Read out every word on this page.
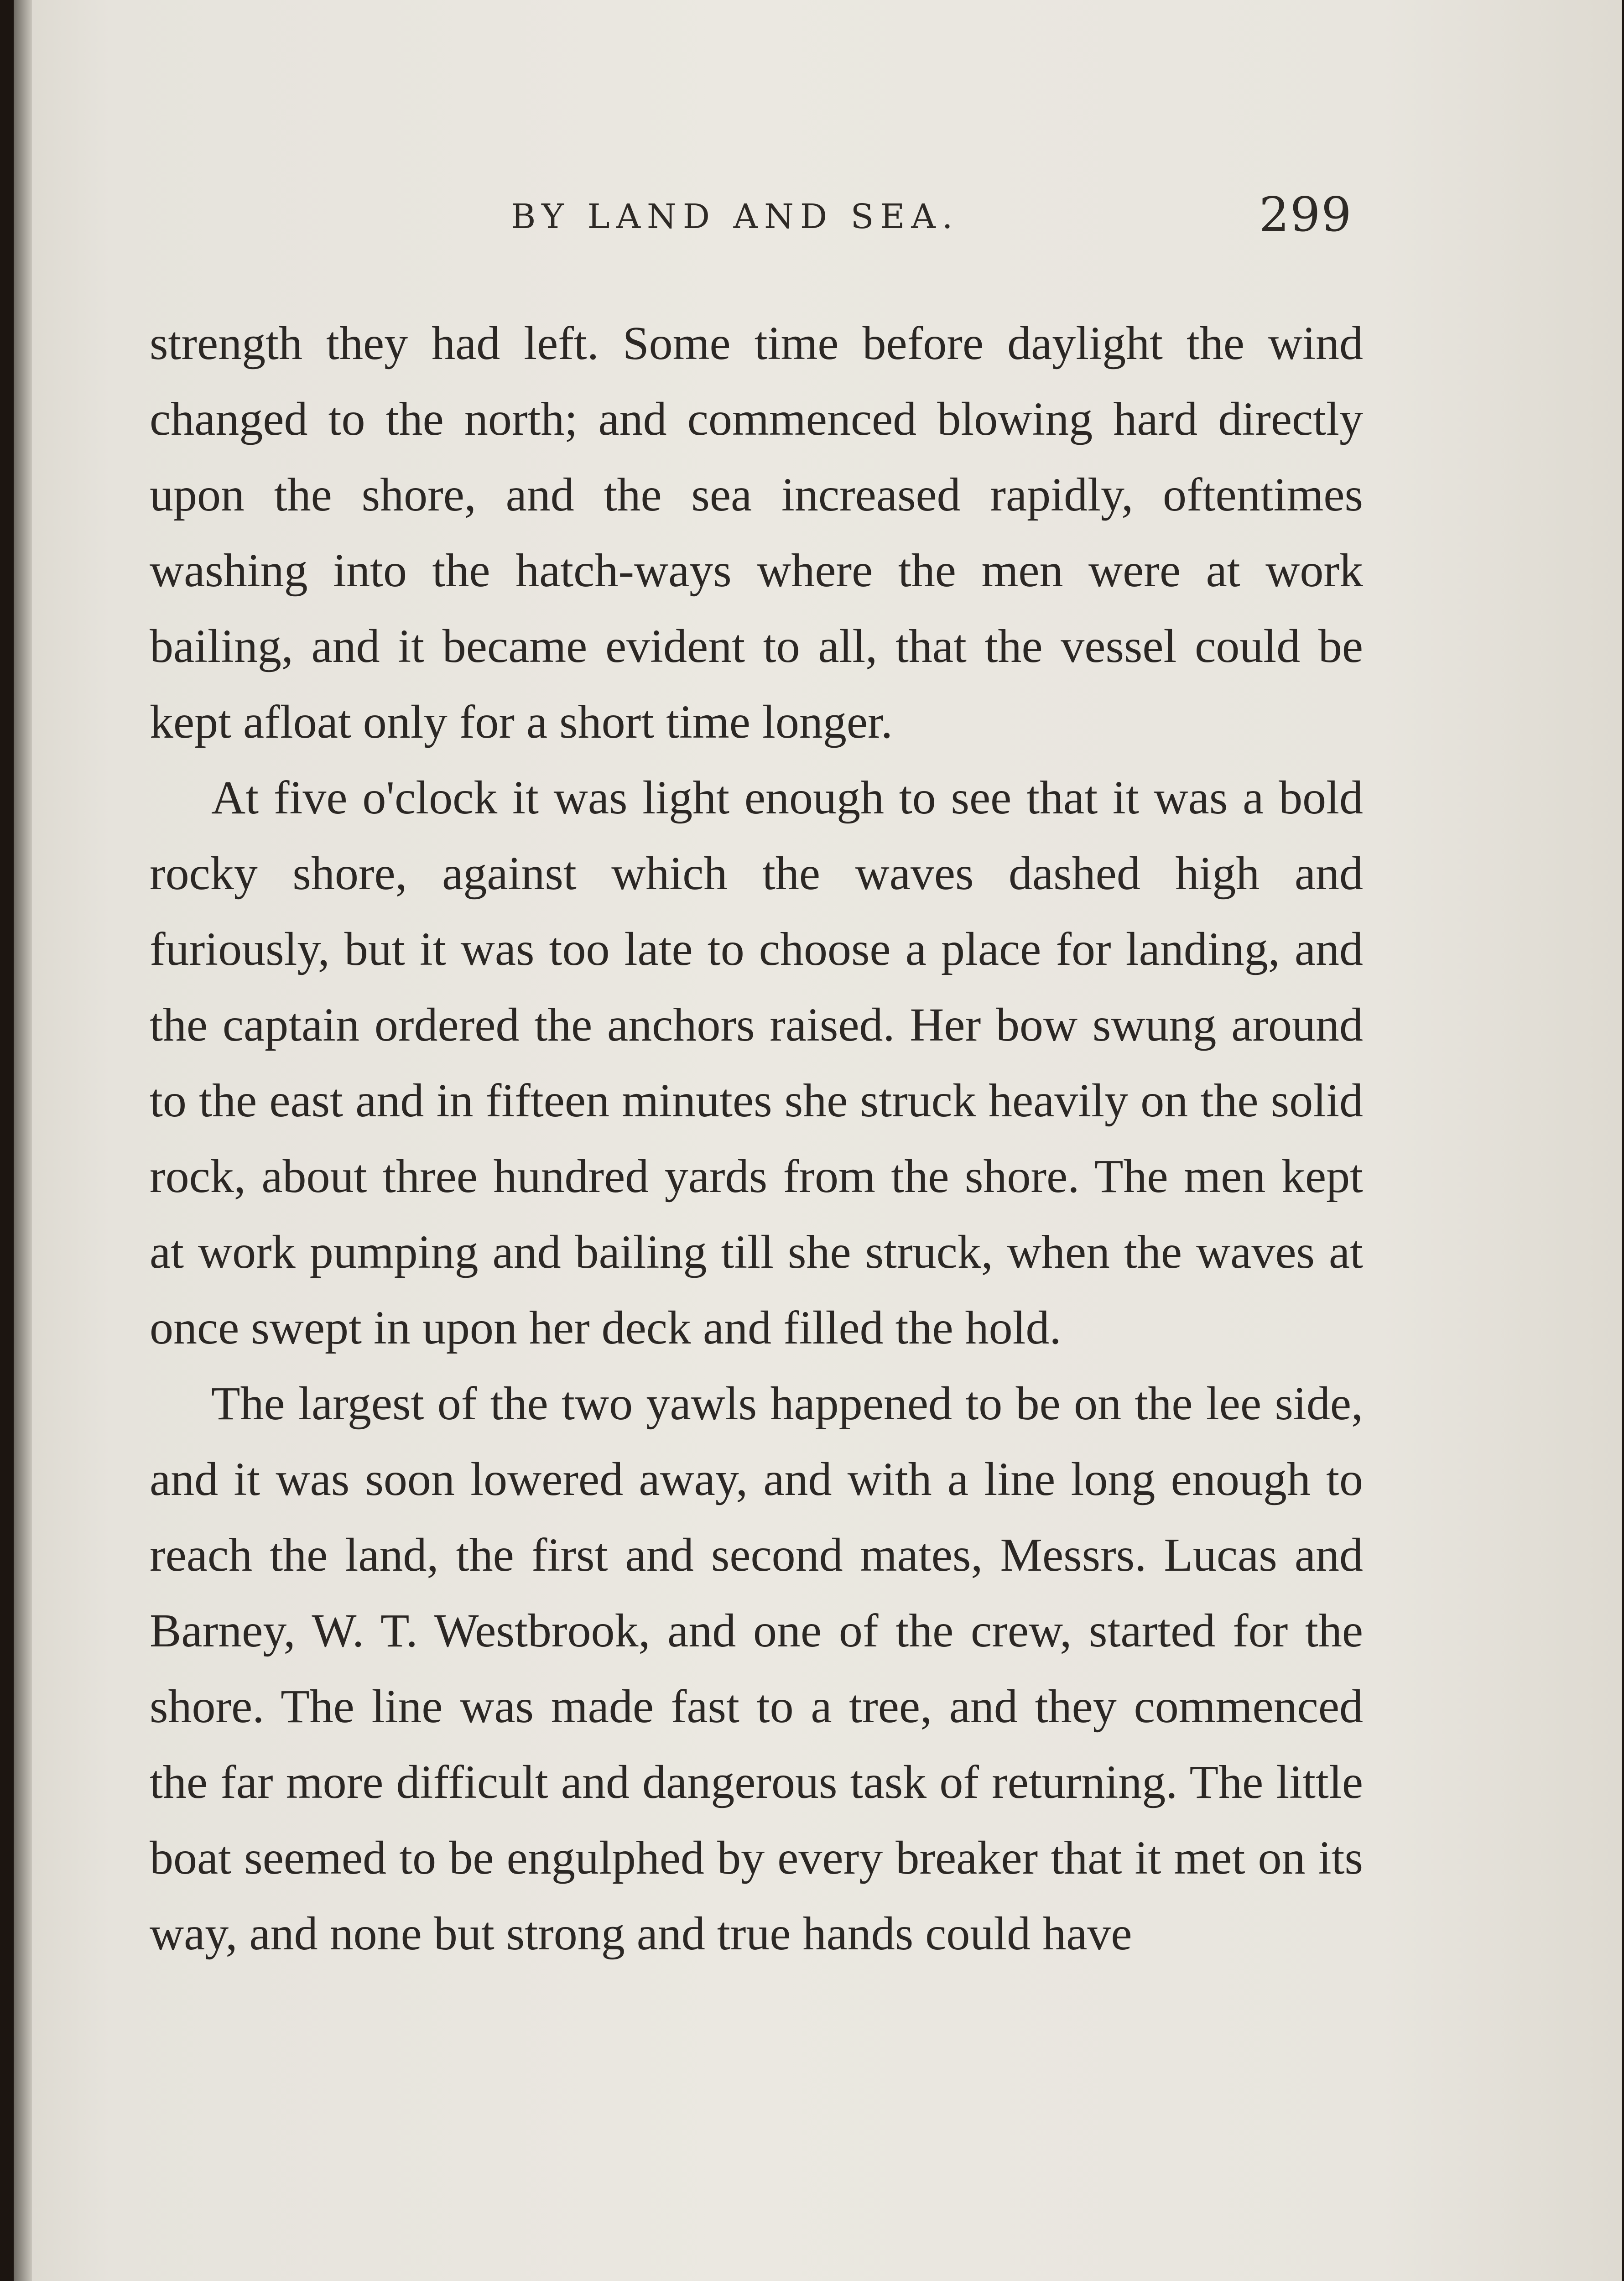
BY LAND AND SEA.	299

strength they had left. Some time before daylight the wind changed to the north; and commenced blowing hard directly upon the shore, and the sea increased rapidly, oftentimes washing into the hatch-ways where the men were at work bailing, and it became evident to all, that the vessel could be kept afloat only for a short time longer.

At five o'clock it was light enough to see that it was a bold rocky shore, against which the waves dashed high and furiously, but it was too late to choose a place for landing, and the captain ordered the anchors raised. Her bow swung around to the east and in fifteen minutes she struck heavily on the solid rock, about three hundred yards from the shore. The men kept at work pumping and bailing till she struck, when the waves at once swept in upon her deck and filled the hold.

The largest of the two yawls happened to be on the lee side, and it was soon lowered away, and with a line long enough to reach the land, the first and second mates, Messrs. Lucas and Barney, W. T. Westbrook, and one of the crew, started for the shore. The line was made fast to a tree, and they commenced the far more difficult and dangerous task of returning. The little boat seemed to be engulphed by every breaker that it met on its way, and none but strong and true hands could have
